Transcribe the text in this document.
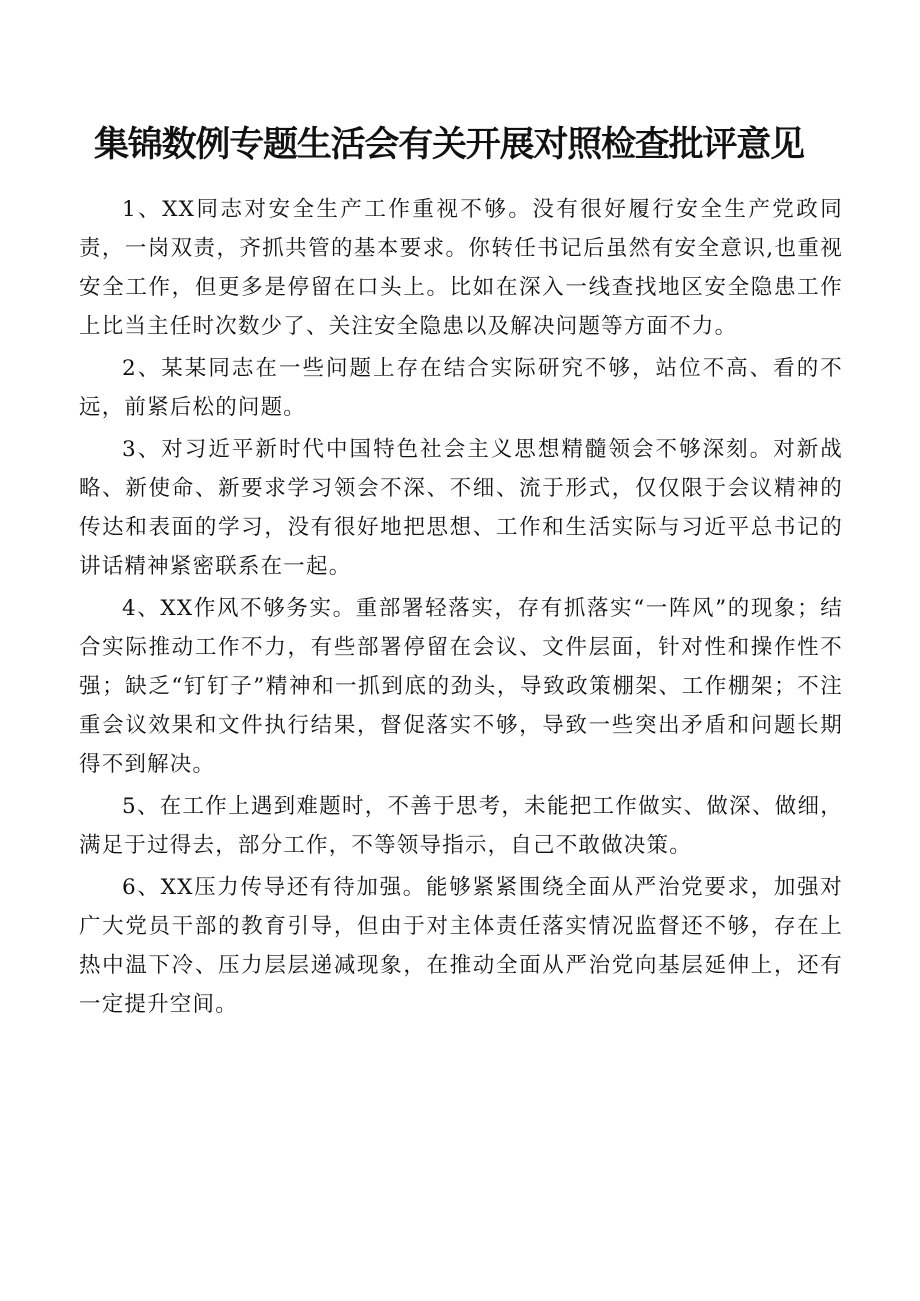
集锦数例专题生活会有关开展对照检查批评意见

1、XX同志对安全生产工作重视不够。没有很好履行安全生产党政同责，一岗双责，齐抓共管的基本要求。你转任书记后虽然有安全意识,也重视安全工作，但更多是停留在口头上。比如在深入一线查找地区安全隐患工作上比当主任时次数少了、关注安全隐患以及解决问题等方面不力。

2、某某同志在一些问题上存在结合实际研究不够，站位不高、看的不远，前紧后松的问题。

3、对习近平新时代中国特色社会主义思想精髓领会不够深刻。对新战略、新使命、新要求学习领会不深、不细、流于形式，仅仅限于会议精神的传达和表面的学习，没有很好地把思想、工作和生活实际与习近平总书记的讲话精神紧密联系在一起。

4、XX作风不够务实。重部署轻落实，存有抓落实“一阵风”的现象；结合实际推动工作不力，有些部署停留在会议、文件层面，针对性和操作性不强；缺乏“钉钉子”精神和一抓到底的劲头，导致政策棚架、工作棚架；不注重会议效果和文件执行结果，督促落实不够，导致一些突出矛盾和问题长期得不到解决。

5、在工作上遇到难题时，不善于思考，未能把工作做实、做深、做细，满足于过得去，部分工作，不等领导指示，自己不敢做决策。

6、XX压力传导还有待加强。能够紧紧围绕全面从严治党要求，加强对广大党员干部的教育引导，但由于对主体责任落实情况监督还不够，存在上热中温下冷、压力层层递减现象，在推动全面从严治党向基层延伸上，还有一定提升空间。
